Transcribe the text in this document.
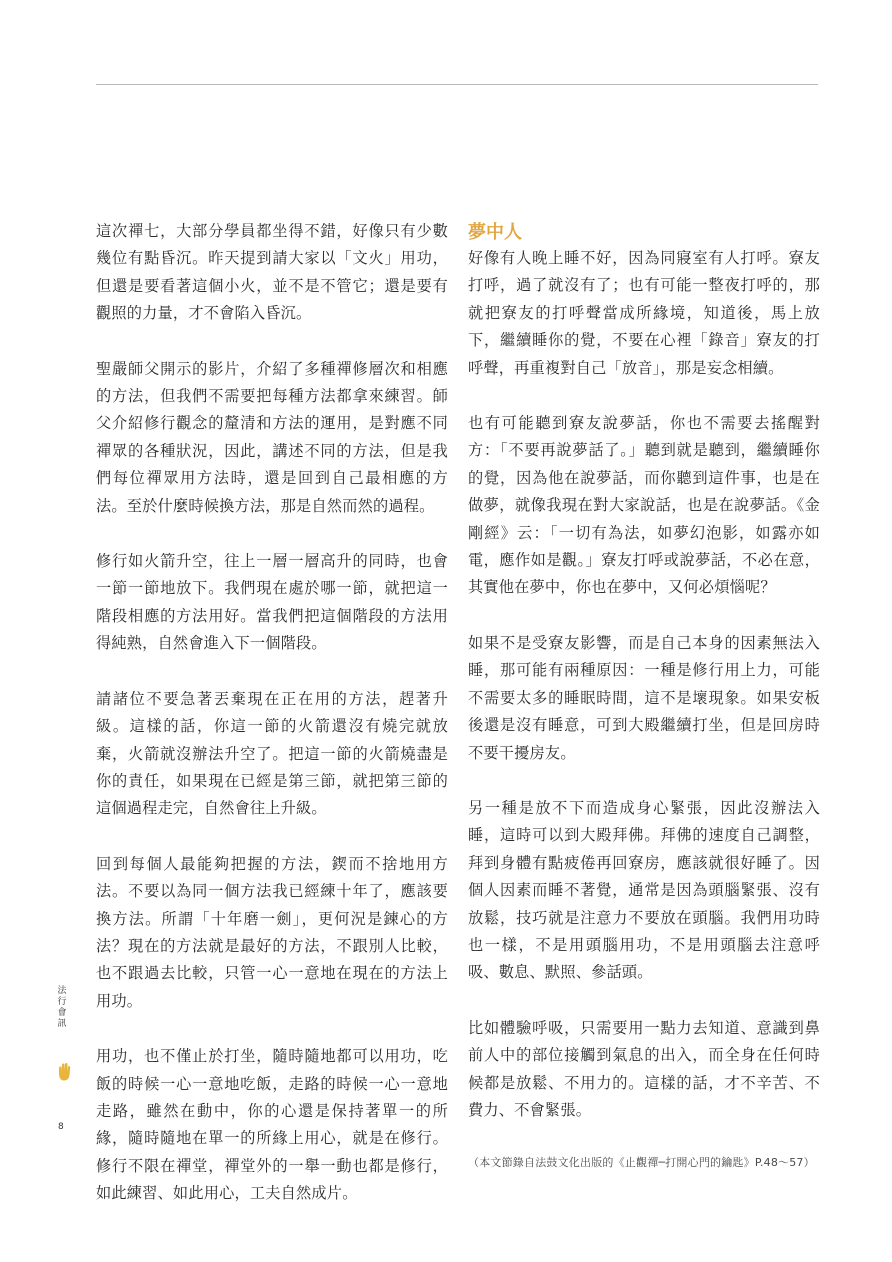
這次禪七，大部分學員都坐得不錯，好像只有少數幾位有點昏沉。昨天提到請大家以「文火」用功，但還是要看著這個小火，並不是不管它；還是要有觀照的力量，才不會陷入昏沉。

聖嚴師父開示的影片，介紹了多種禪修層次和相應的方法，但我們不需要把每種方法都拿來練習。師父介紹修行觀念的釐清和方法的運用，是對應不同禪眾的各種狀況，因此，講述不同的方法，但是我們每位禪眾用方法時，還是回到自己最相應的方法。至於什麼時候換方法，那是自然而然的過程。

修行如火箭升空，往上一層一層高升的同時，也會一節一節地放下。我們現在處於哪一節，就把這一階段相應的方法用好。當我們把這個階段的方法用得純熟，自然會進入下一個階段。

請諸位不要急著丟棄現在正在用的方法，趕著升級。這樣的話，你這一節的火箭還沒有燒完就放棄，火箭就沒辦法升空了。把這一節的火箭燒盡是你的責任，如果現在已經是第三節，就把第三節的這個過程走完，自然會往上升級。

回到每個人最能夠把握的方法，鍥而不捨地用方法。不要以為同一個方法我已經練十年了，應該要換方法。所謂「十年磨一劍」，更何況是鍊心的方法？現在的方法就是最好的方法，不跟別人比較，也不跟過去比較，只管一心一意地在現在的方法上用功。

用功，也不僅止於打坐，隨時隨地都可以用功，吃飯的時候一心一意地吃飯，走路的時候一心一意地走路，雖然在動中，你的心還是保持著單一的所緣，隨時隨地在單一的所緣上用心，就是在修行。修行不限在禪堂，禪堂外的一舉一動也都是修行，如此練習、如此用心，工夫自然成片。

夢中人

好像有人晚上睡不好，因為同寢室有人打呼。寮友打呼，過了就沒有了；也有可能一整夜打呼的，那就把寮友的打呼聲當成所緣境，知道後，馬上放下，繼續睡你的覺，不要在心裡「錄音」寮友的打呼聲，再重複對自己「放音」，那是妄念相續。

也有可能聽到寮友說夢話，你也不需要去搖醒對方：「不要再說夢話了。」聽到就是聽到，繼續睡你的覺，因為他在說夢話，而你聽到這件事，也是在做夢，就像我現在對大家說話，也是在說夢話。《金剛經》云：「一切有為法，如夢幻泡影，如露亦如電，應作如是觀。」寮友打呼或說夢話，不必在意，其實他在夢中，你也在夢中，又何必煩惱呢？

如果不是受寮友影響，而是自己本身的因素無法入睡，那可能有兩種原因：一種是修行用上力，可能不需要太多的睡眠時間，這不是壞現象。如果安板後還是沒有睡意，可到大殿繼續打坐，但是回房時不要干擾房友。

另一種是放不下而造成身心緊張，因此沒辦法入睡，這時可以到大殿拜佛。拜佛的速度自己調整，拜到身體有點疲倦再回寮房，應該就很好睡了。因個人因素而睡不著覺，通常是因為頭腦緊張、沒有放鬆，技巧就是注意力不要放在頭腦。我們用功時也一樣，不是用頭腦用功，不是用頭腦去注意呼吸、數息、默照、參話頭。

比如體驗呼吸，只需要用一點力去知道、意識到鼻前人中的部位接觸到氣息的出入，而全身在任何時候都是放鬆、不用力的。這樣的話，才不辛苦、不費力、不會緊張。

（本文節錄自法鼓文化出版的《止觀禪─打開心門的鑰匙》P.48～57）

法
行
會
訊
8
